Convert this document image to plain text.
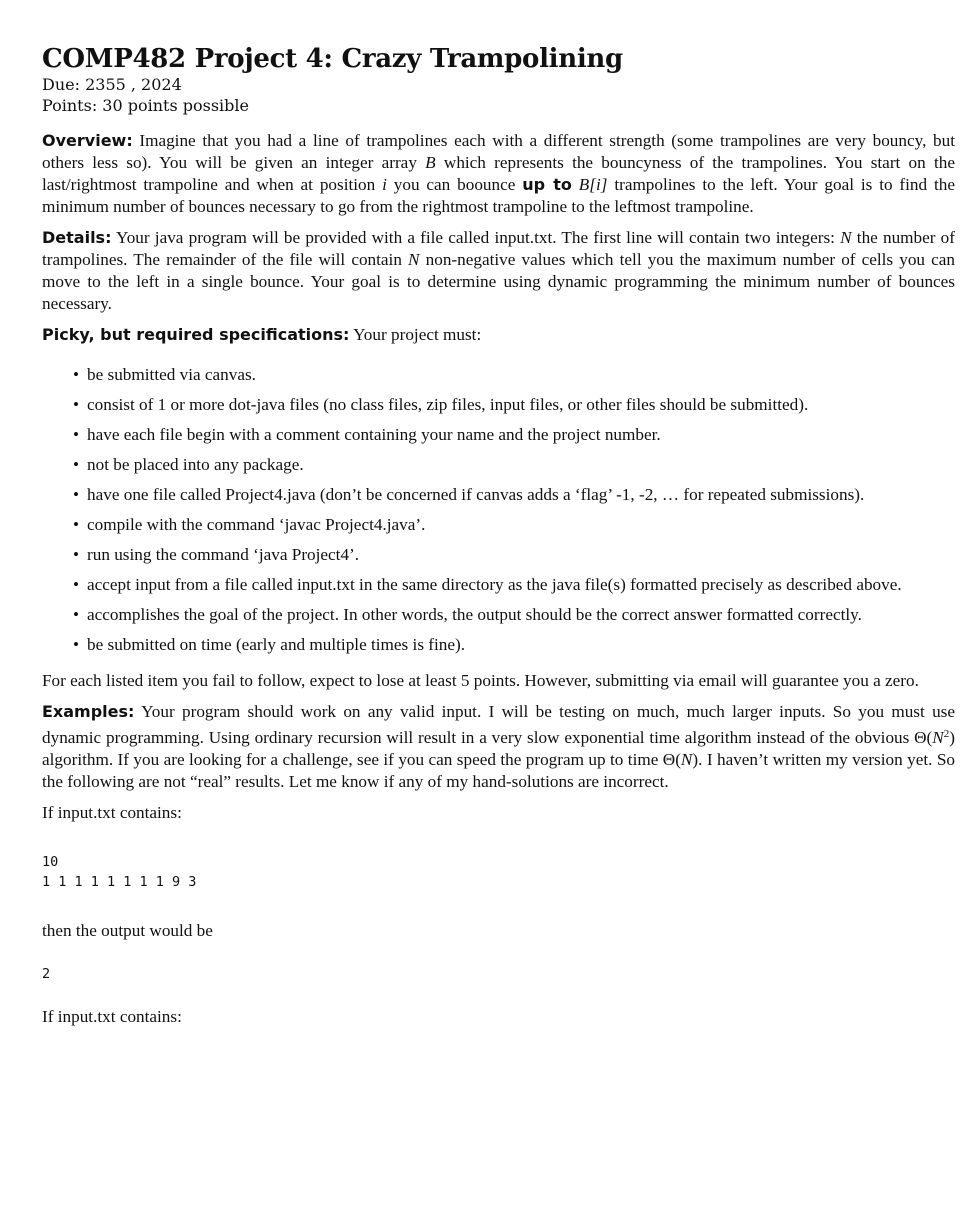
COMP482 Project 4: Crazy Trampolining
Due: 2355 , 2024
Points: 30 points possible

Overview: Imagine that you had a line of trampolines each with a different strength (some trampolines are very bouncy, but others less so). You will be given an integer array B which represents the bouncyness of the trampolines. You start on the last/rightmost trampoline and when at position i you can boounce up to B[i] trampolines to the left. Your goal is to find the minimum number of bounces necessary to go from the rightmost trampoline to the leftmost trampoline.

Details: Your java program will be provided with a file called input.txt. The first line will contain two integers: N the number of trampolines. The remainder of the file will contain N non-negative values which tell you the maximum number of cells you can move to the left in a single bounce. Your goal is to determine using dynamic programming the minimum number of bounces necessary.

Picky, but required specifications: Your project must:

• be submitted via canvas.
• consist of 1 or more dot-java files (no class files, zip files, input files, or other files should be submitted).
• have each file begin with a comment containing your name and the project number.
• not be placed into any package.
• have one file called Project4.java (don’t be concerned if canvas adds a ‘flag’ -1, -2, … for repeated submissions).
• compile with the command ‘javac Project4.java’.
• run using the command ‘java Project4’.
• accept input from a file called input.txt in the same directory as the java file(s) formatted precisely as described above.
• accomplishes the goal of the project. In other words, the output should be the correct answer formatted correctly.
• be submitted on time (early and multiple times is fine).

For each listed item you fail to follow, expect to lose at least 5 points. However, submitting via email will guarantee you a zero.

Examples: Your program should work on any valid input. I will be testing on much, much larger inputs. So you must use dynamic programming. Using ordinary recursion will result in a very slow exponential time algorithm instead of the obvious $\Theta(N^2)$ algorithm. If you are looking for a challenge, see if you can speed the program up to time Θ(N). I haven’t written my version yet. So the following are not “real” results. Let me know if any of my hand-solutions are incorrect.

If input.txt contains:

10
1 1 1 1 1 1 1 1 9 3

then the output would be

2

If input.txt contains:
